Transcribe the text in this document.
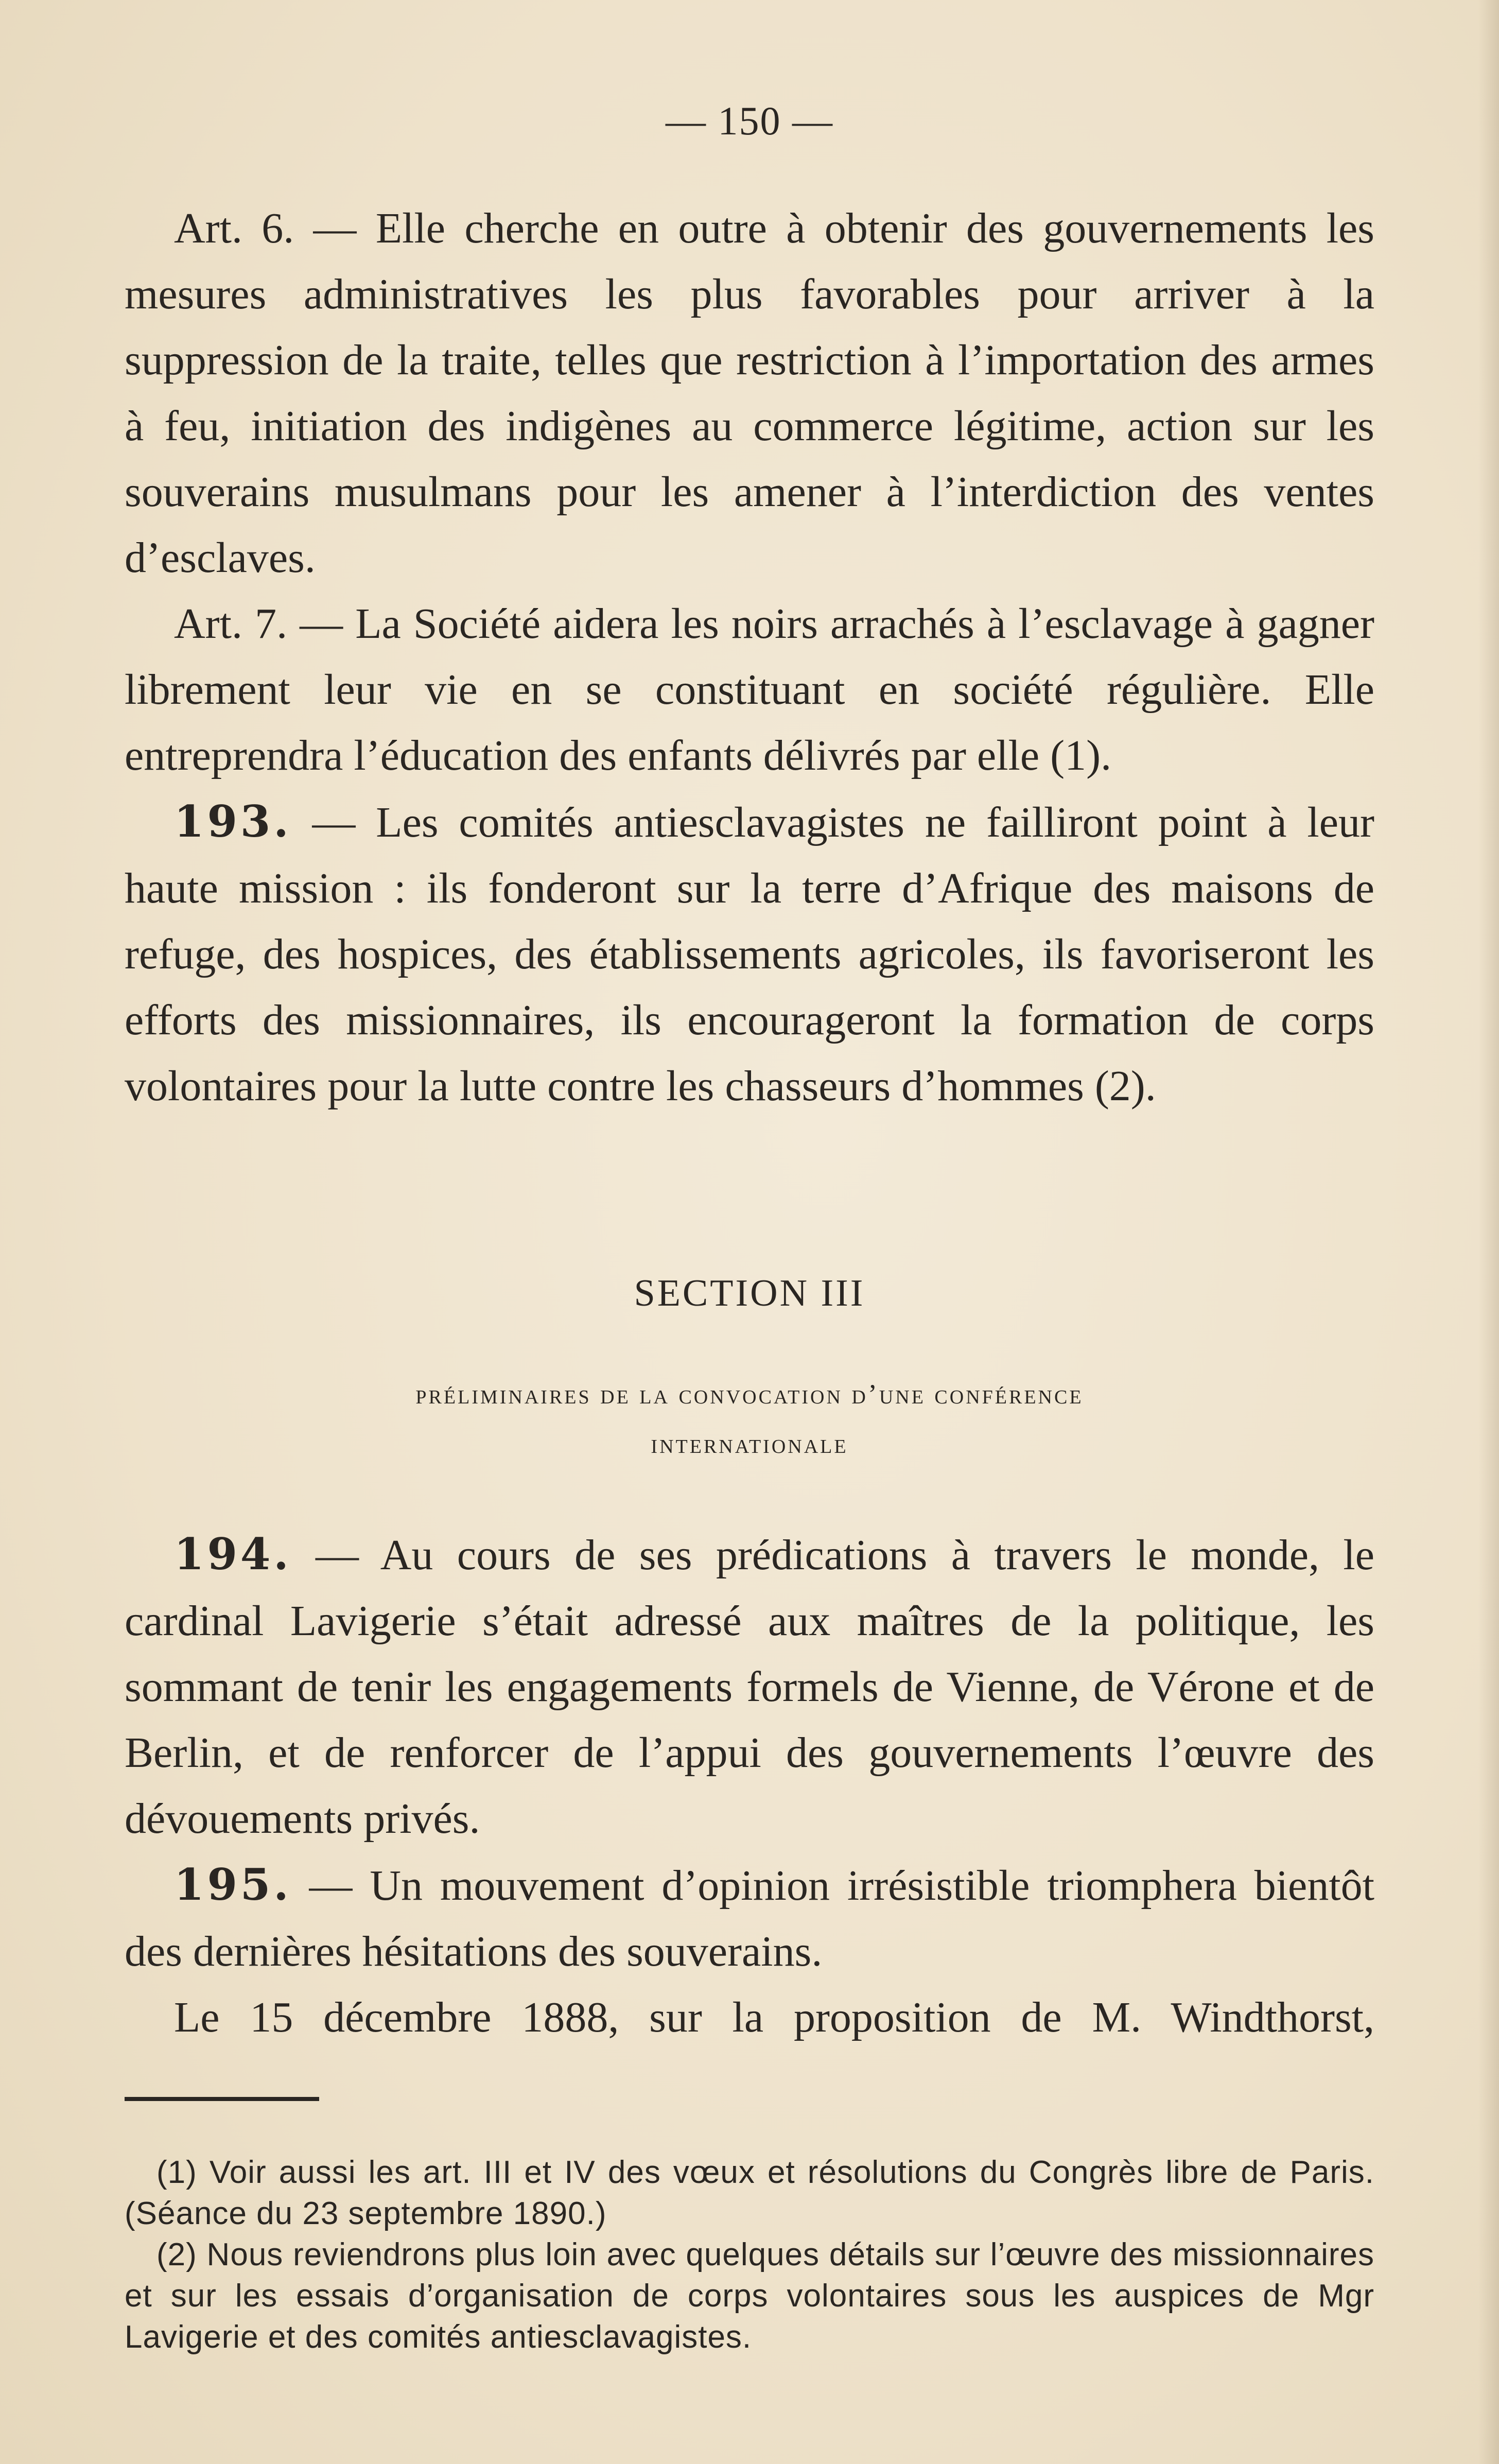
— 150 —

Art. 6. — Elle cherche en outre à obtenir des gouvernements les mesures administratives les plus favorables pour arriver à la suppression de la traite, telles que restriction à l’importation des armes à feu, initiation des indigènes au commerce légitime, action sur les souverains musulmans pour les amener à l’interdiction des ventes d’esclaves.

Art. 7. — La Société aidera les noirs arrachés à l’esclavage à gagner librement leur vie en se constituant en société régulière. Elle entreprendra l’éducation des enfants délivrés par elle (1).

193. — Les comités antiesclavagistes ne failliront point à leur haute mission : ils fonderont sur la terre d’Afrique des maisons de refuge, des hospices, des établissements agricoles, ils favoriseront les efforts des missionnaires, ils encourageront la formation de corps volontaires pour la lutte contre les chasseurs d’hommes (2).

SECTION III
préliminaires de la convocation d’une conférence
internationale

194. — Au cours de ses prédications à travers le monde, le cardinal Lavigerie s’était adressé aux maîtres de la politique, les sommant de tenir les engagements formels de Vienne, de Vérone et de Berlin, et de renforcer de l’appui des gouvernements l’œuvre des dévouements privés.

195. — Un mouvement d’opinion irrésistible triomphera bientôt des dernières hésitations des souverains.

Le 15 décembre 1888, sur la proposition de M. Windthorst,

(1) Voir aussi les art. III et IV des vœux et résolutions du Congrès libre de Paris. (Séance du 23 septembre 1890.)

(2) Nous reviendrons plus loin avec quelques détails sur l’œuvre des missionnaires et sur les essais d’organisation de corps volontaires sous les auspices de Mgr Lavigerie et des comités antiesclavagistes.
